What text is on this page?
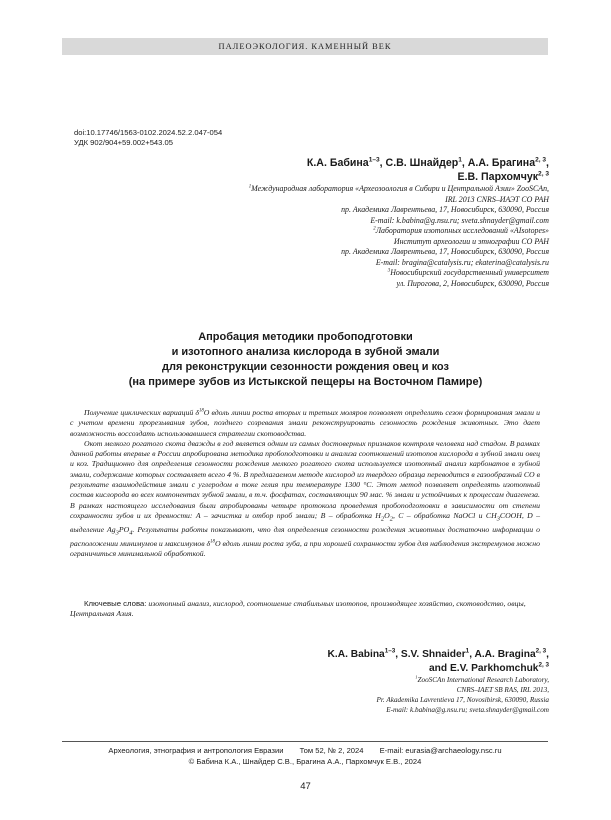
ПАЛЕОЭКОЛОГИЯ. КАМЕННЫЙ ВЕК
doi:10.17746/1563-0102.2024.52.2.047-054
УДК 902/904+59.002+543.05
К.А. Бабина$^{1-3}$, С.В. Шнайдер$^1$, А.А. Брагина$^{2, 3}$,
Е.В. Пархомчук$^{2, 3}$
$^1$Международная лаборатория «Археозоология в Сибири и Центральной Азии» ZooSCAn,
IRL 2013 CNRS–ИАЭТ СО РАН
пр. Академика Лаврентьева, 17, Новосибирск, 630090, Россия
E-mail: k.babina@g.nsu.ru; sveta.shnayder@gmail.com
$^2$Лаборатория изотопных исследований «AIsotopes»
Институт археологии и этнографии СО РАН
пр. Академика Лаврентьева, 17, Новосибирск, 630090, Россия
E-mail: bragina@catalysis.ru; ekaterina@catalysis.ru
$^3$Новосибирский государственный университет
ул. Пирогова, 2, Новосибирск, 630090, Россия
Апробация методики пробоподготовки
и изотопного анализа кислорода в зубной эмали
для реконструкции сезонности рождения овец и коз
(на примере зубов из Истыкской пещеры на Восточном Памире)

Получение циклических вариаций $\delta^{18}O$ вдоль линии роста вторых и третьих моляров позволяет определить сезон формирования эмали и с учетом времени прорезывания зубов, позднего созревания эмали реконструировать сезонность рождения животных. Это дает возможность воссоздать использовавшиеся стратегии скотоводства.

Окот мелкого рогатого скота дважды в год является одним из самых достоверных признаков контроля человека над стадом. В рамках данной работы впервые в России апробирована методика пробоподготовки и анализа соотношений изотопов кислорода в зубной эмали овец и коз. Традиционно для определения сезонности рождения мелкого рогатого скота используется изотопный анализ карбонатов в зубной эмали, содержание которых составляет всего 4 %. В предлагаемом методе кислород из твердого образца переводится в газообразный CO в результате взаимодействия эмали с углеродом в токе гелия при температуре 1300 °С. Этот метод позволяет определять изотопный состав кислорода во всех компонентах зубной эмали, в т.ч. фосфатах, составляющих 90 мас. % эмали и устойчивых к процессам диагенеза. В рамках настоящего исследования были апробированы четыре протокола проведения пробоподготовки в зависимости от степени сохранности зубов и их древности: A – зачистка и отбор проб эмали; B – обработка $H_2O_2$, C – обработка NaOCl и $CH_3COOH$, D – выделение $Ag_3PO_4$. Результаты работы показывают, что для определения сезонности рождения животных достаточно информации о расположении минимумов и максимумов $\delta^{18}O$ вдоль линии роста зуба, а при хорошей сохранности зубов для наблюдения экстремумов можно ограничиться минимальной обработкой.

Ключевые слова: изотопный анализ, кислород, соотношение стабильных изотопов, производящее хозяйство, скотоводство, овцы, Центральная Азия.
K.A. Babina$^{1-3}$, S.V. Shnaider$^1$, A.A. Bragina$^{2, 3}$,
and E.V. Parkhomchuk$^{2, 3}$
$^1$ZooSCAn International Research Laboratory,
CNRS–IAET SB RAS, IRL 2013,
Pr. Akademika Lavrentieva 17, Novosibirsk, 630090, Russia
E-mail: k.babina@g.nsu.ru; sveta.shnayder@gmail.com
Археология, этнография и антропология Евразии Том 52, № 2, 2024 E-mail: eurasia@archaeology.nsc.ru
© Бабина К.А., Шнайдер С.В., Брагина А.А., Пархомчук Е.В., 2024
47
